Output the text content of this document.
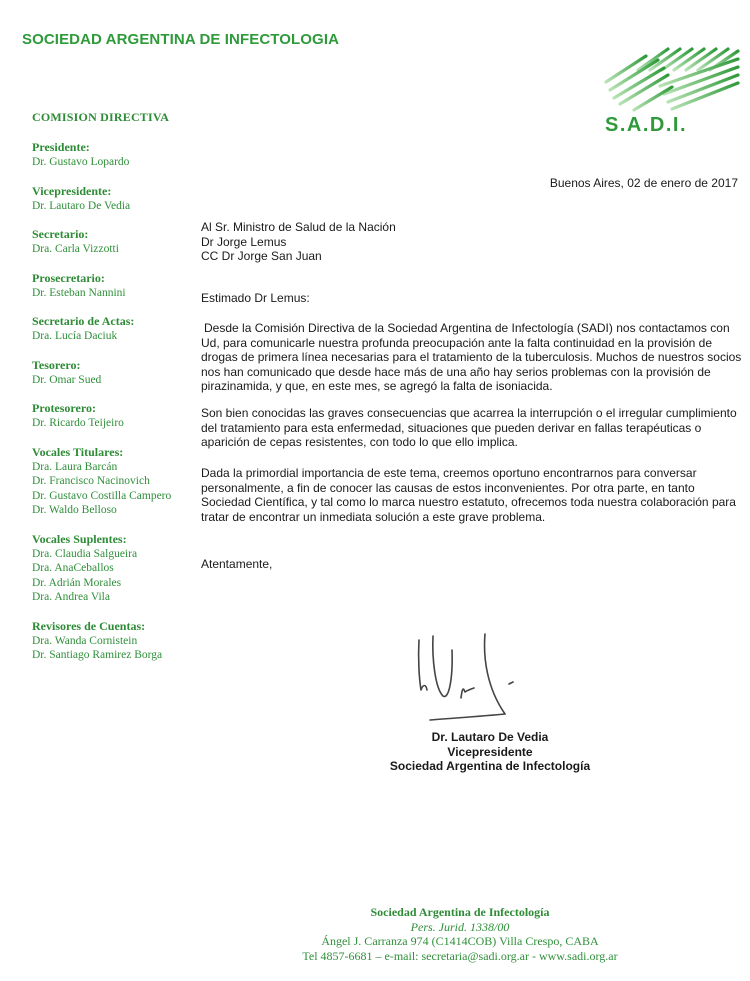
SOCIEDAD ARGENTINA DE INFECTOLOGIA
S.A.D.I.
COMISION DIRECTIVA
Presidente:
Dr. Gustavo Lopardo
Vicepresidente:
Dr. Lautaro De Vedia
Secretario:
Dra. Carla Vizzotti
Prosecretario:
Dr. Esteban Nannini
Secretario de Actas:
Dra. Lucía Daciuk
Tesorero:
Dr. Omar Sued
Protesorero:
Dr. Ricardo Teijeiro
Vocales Titulares:
Dra. Laura Barcán
Dr. Francisco Nacinovich
Dr. Gustavo Costilla Campero
Dr. Waldo Belloso
Vocales Suplentes:
Dra. Claudia Salgueira
Dra. AnaCeballos
Dr. Adrián Morales
Dra. Andrea Vila
Revisores de Cuentas:
Dra. Wanda Cornistein
Dr. Santiago Ramirez Borga
Buenos Aires, 02 de enero de 2017
Al Sr. Ministro de Salud de la Nación
Dr Jorge Lemus
CC Dr Jorge San Juan
Estimado Dr Lemus:

Desde la Comisión Directiva de la Sociedad Argentina de Infectología (SADI) nos contactamos con Ud, para comunicarle nuestra profunda preocupación ante la falta continuidad en la provisión de drogas de primera línea necesarias para el tratamiento de la tuberculosis. Muchos de nuestros socios nos han comunicado que desde hace más de una año hay serios problemas con la provisión de pirazinamida, y que, en este mes, se agregó la falta de isoniacida.

Son bien conocidas las graves consecuencias que acarrea la interrupción o el irregular cumplimiento del tratamiento para esta enfermedad, situaciones que pueden derivar en fallas terapéuticas o aparición de cepas resistentes, con todo lo que ello implica.

Dada la primordial importancia de este tema, creemos oportuno encontrarnos para conversar personalmente, a fin de conocer las causas de estos inconvenientes. Por otra parte, en tanto Sociedad Científica, y tal como lo marca nuestro estatuto, ofrecemos toda nuestra colaboración para tratar de encontrar un inmediata solución a este grave problema.

Atentamente,
Dr. Lautaro De Vedia
Vicepresidente
Sociedad Argentina de Infectología
Sociedad Argentina de Infectología
Pers. Jurid. 1338/00
Ángel J. Carranza 974 (C1414COB) Villa Crespo, CABA
Tel 4857-6681 – e-mail: secretaria@sadi.org.ar - www.sadi.org.ar
